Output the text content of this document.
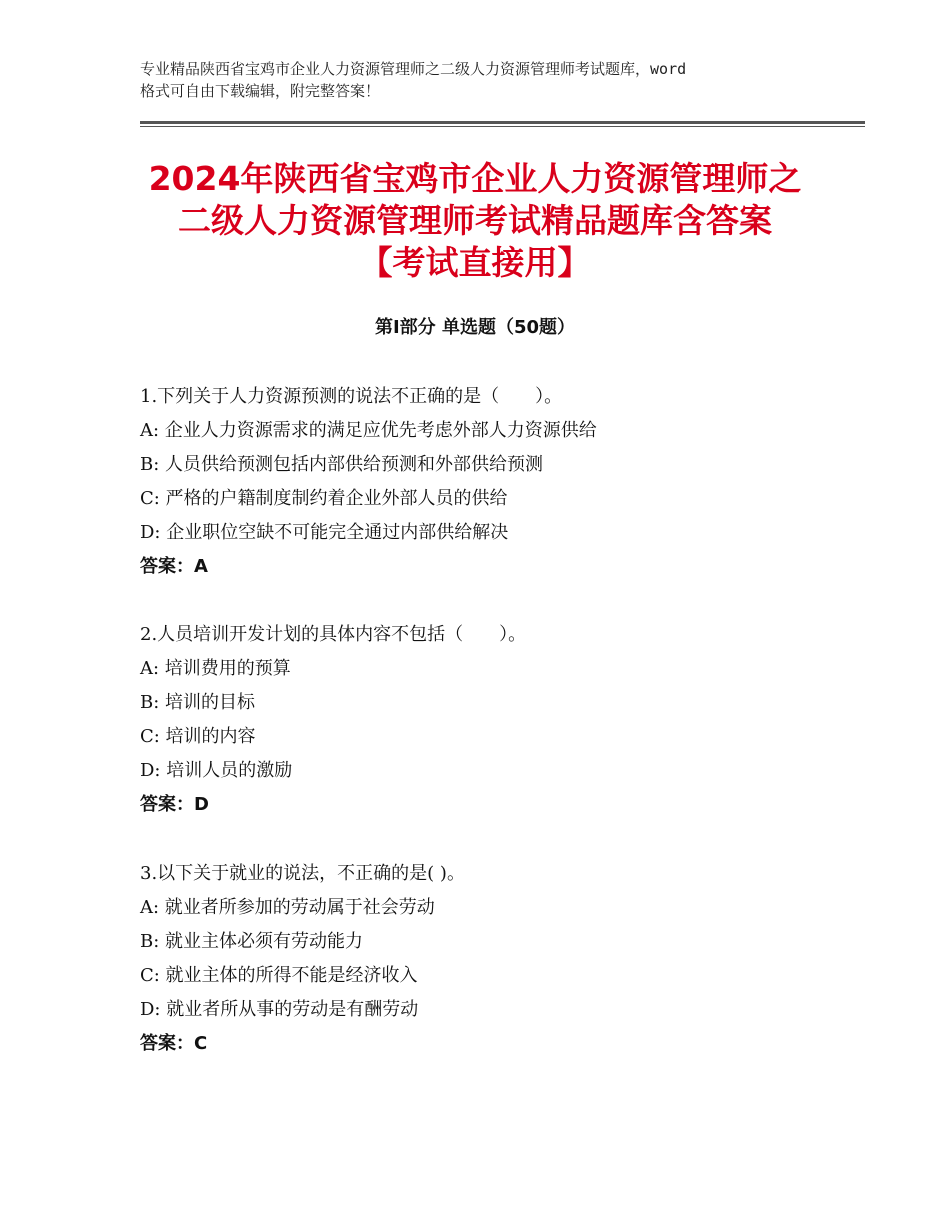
专业精品陕西省宝鸡市企业人力资源管理师之二级人力资源管理师考试题库，word
格式可自由下载编辑，附完整答案！
2024年陕西省宝鸡市企业人力资源管理师之
二级人力资源管理师考试精品题库含答案
【考试直接用】
第Ⅰ部分 单选题（50题）
1.下列关于人力资源预测的说法不正确的是（　　）。
A: 企业人力资源需求的满足应优先考虑外部人力资源供给
B: 人员供给预测包括内部供给预测和外部供给预测
C: 严格的户籍制度制约着企业外部人员的供给
D: 企业职位空缺不可能完全通过内部供给解决
答案：A
2.人员培训开发计划的具体内容不包括（　　）。
A: 培训费用的预算
B: 培训的目标
C: 培训的内容
D: 培训人员的激励
答案：D
3.以下关于就业的说法，不正确的是( )。
A: 就业者所参加的劳动属于社会劳动
B: 就业主体必须有劳动能力
C: 就业主体的所得不能是经济收入
D: 就业者所从事的劳动是有酬劳动
答案：C
